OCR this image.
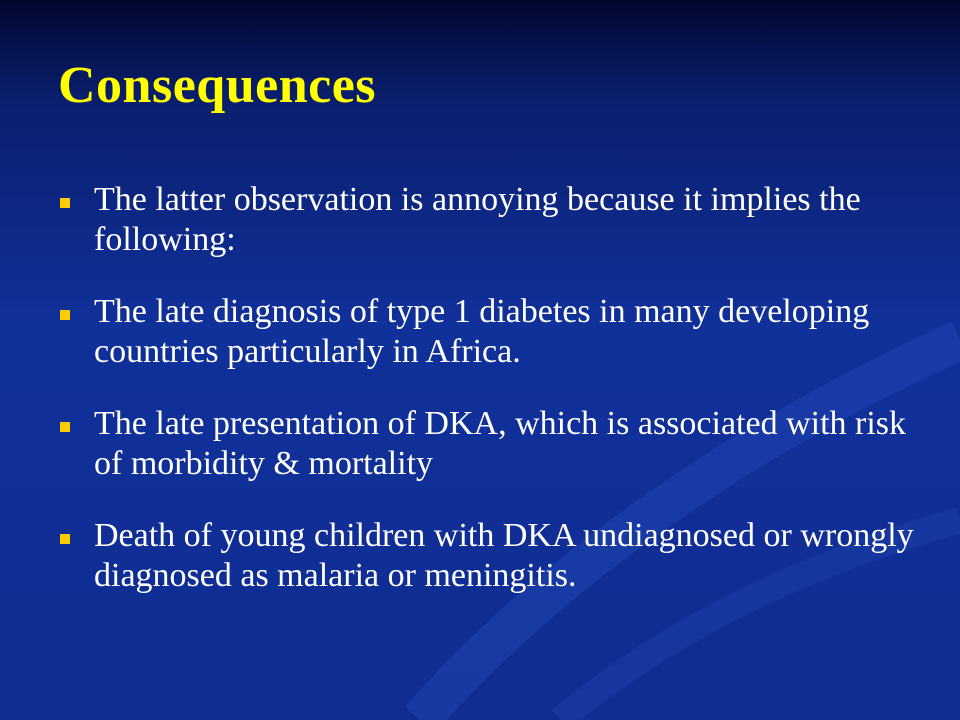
Consequences
The latter observation is annoying because it implies the following:
The late diagnosis of type 1 diabetes in many developing countries particularly in Africa.
The late presentation of DKA, which is associated with risk of morbidity & mortality
Death of young children with DKA undiagnosed or wrongly diagnosed as malaria or meningitis.
